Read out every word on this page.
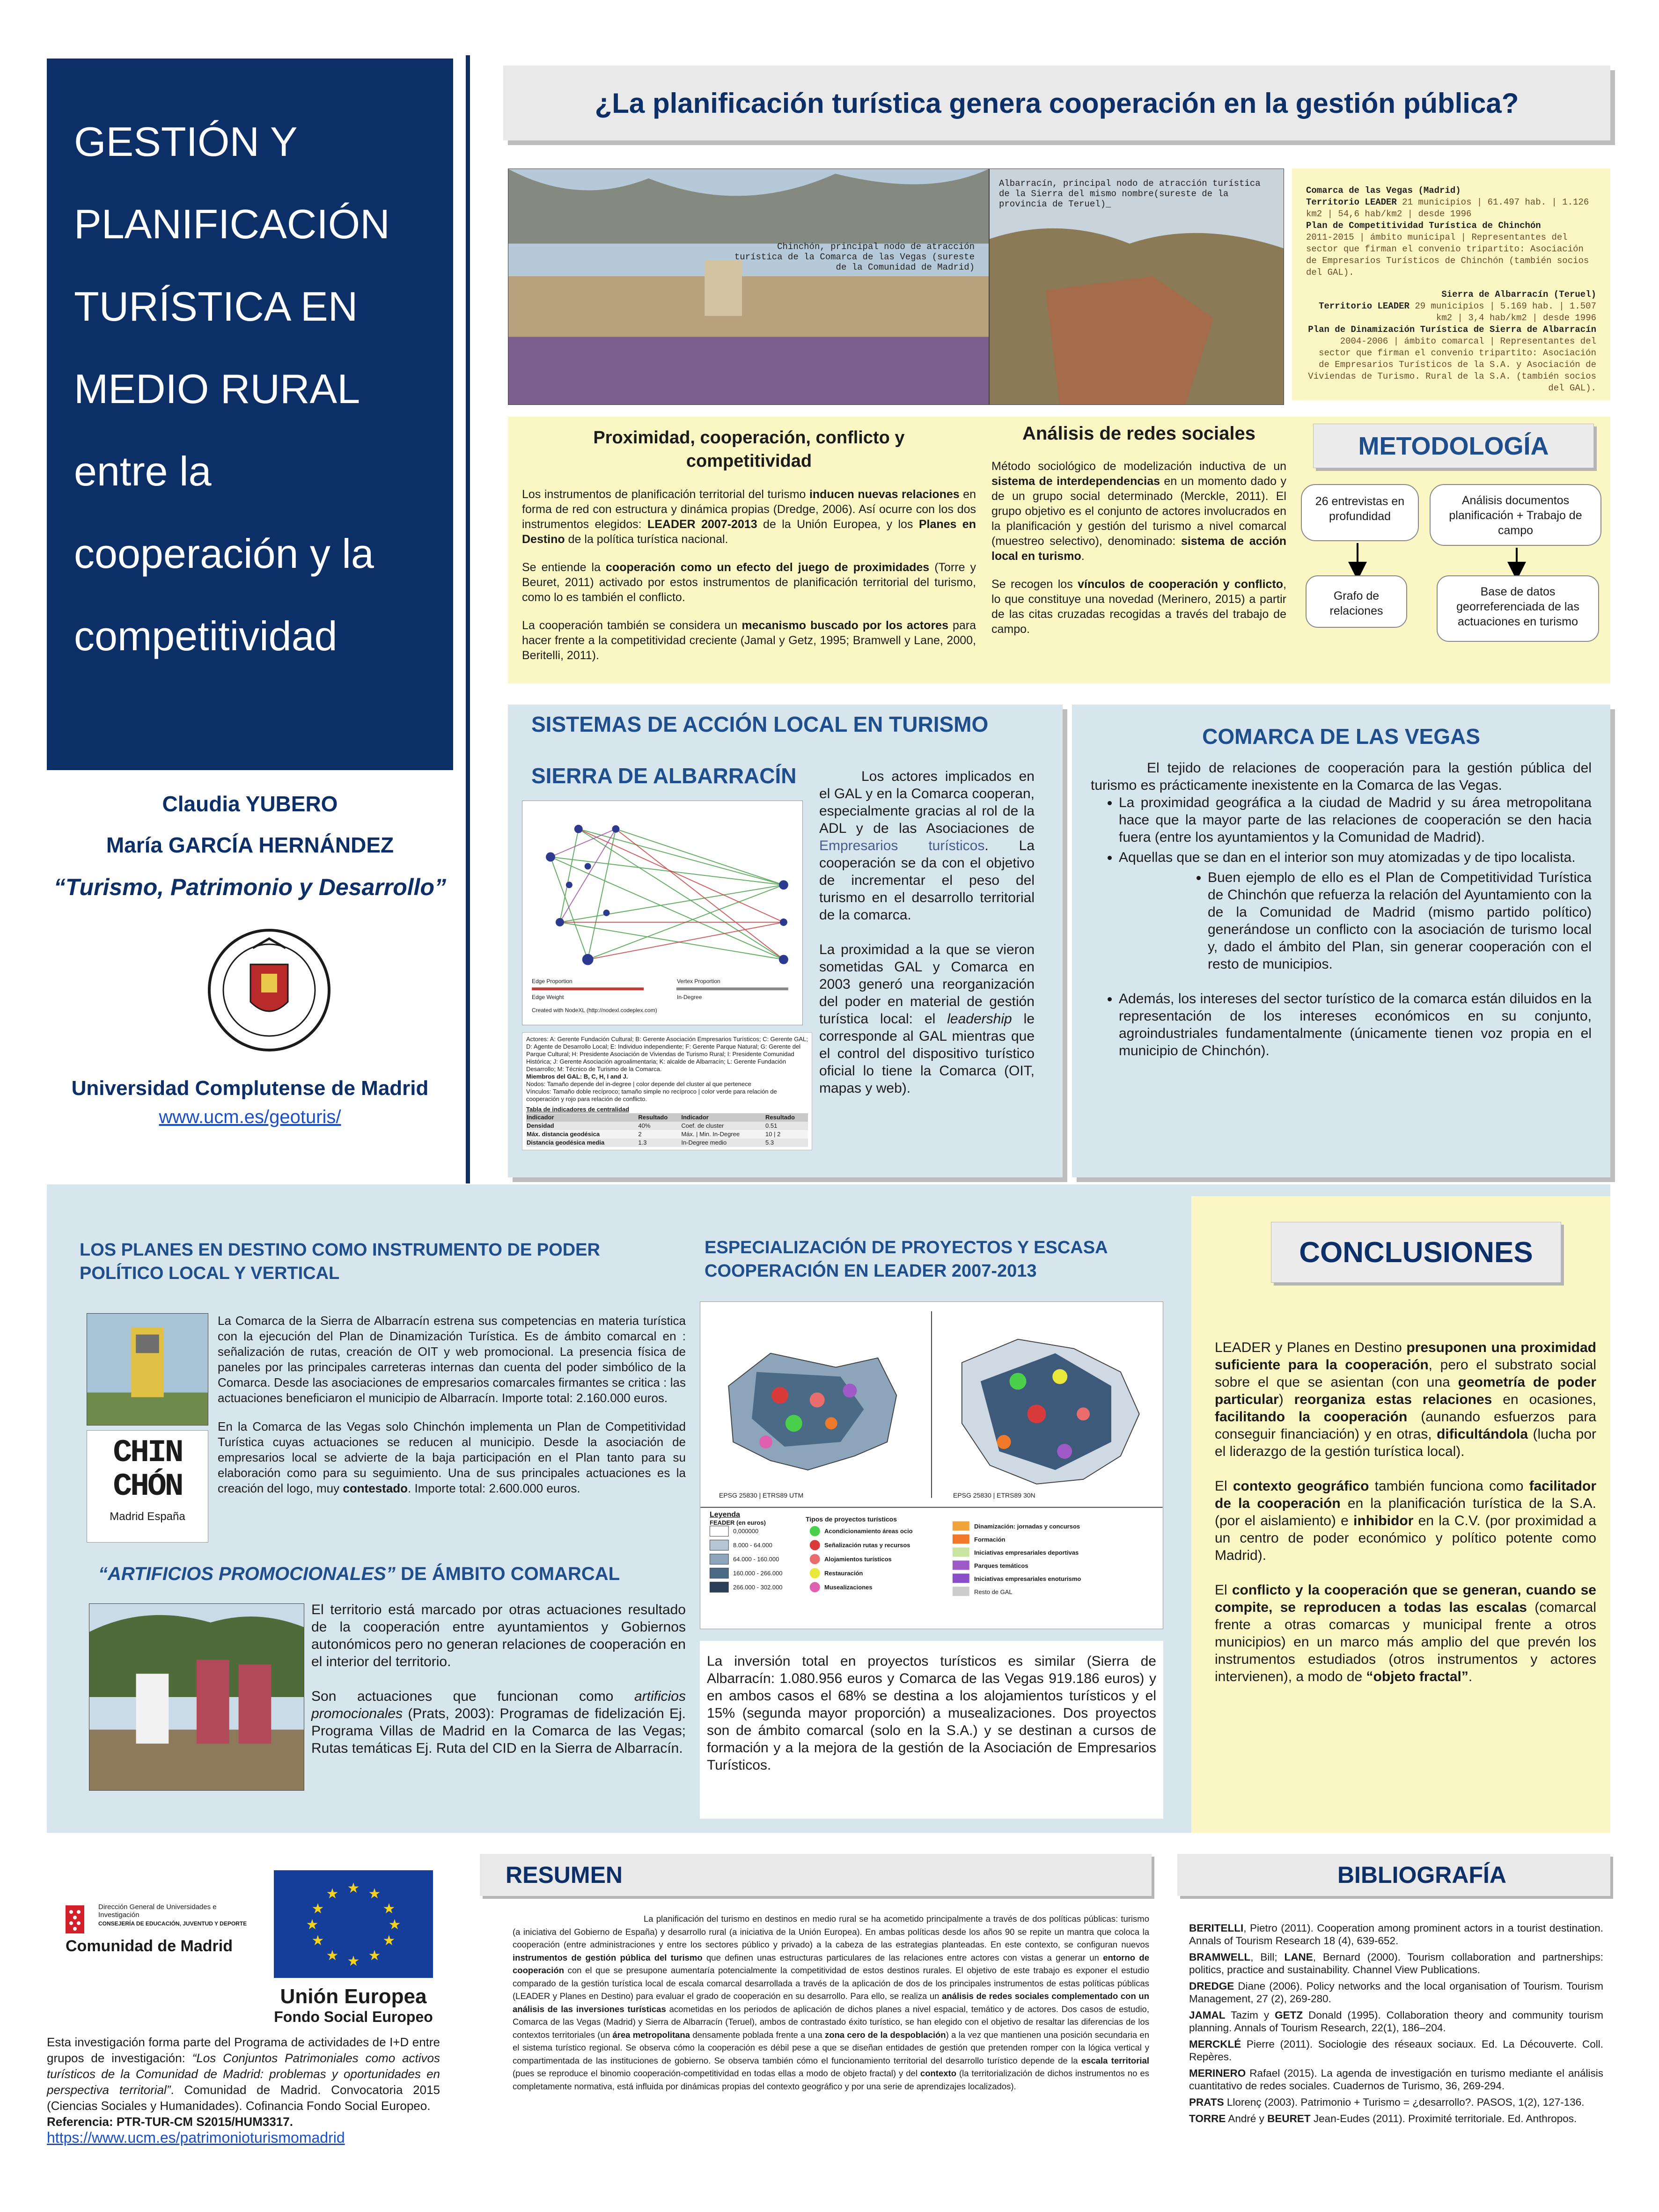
GESTIÓN Y
PLANIFICACIÓN
TURÍSTICA EN
MEDIO RURAL
entre la
cooperación y la
competitividad
Claudia YUBERO
María GARCÍA HERNÁNDEZ
“Turismo, Patrimonio y Desarrollo”
Universidad Complutense de Madrid
www.ucm.es/geoturis/
¿La planificación turística genera cooperación en la gestión pública?
Chinchón, principal nodo de atracción turística de la Comarca de las Vegas (sureste de la Comunidad de Madrid)
Albarracín, principal nodo de atracción turística de la Sierra del mismo nombre(sureste de la provincia de Teruel)_
Comarca de las Vegas (Madrid)
Territorio LEADER 21 municipios | 61.497 hab. | 1.126 km2 | 54,6 hab/km2 | desde 1996
Plan de Competitividad Turística de Chinchón
2011-2015 | ámbito municipal | Representantes del sector que firman el convenio tripartito: Asociación de Empresarios Turísticos de Chinchón (también socios del GAL).
Sierra de Albarracín (Teruel)
Territorio LEADER 29 municipios | 5.169 hab. | 1.507 km2 | 3,4 hab/km2 | desde 1996
Plan de Dinamización Turística de Sierra de Albarracín 2004-2006 | ámbito comarcal | Representantes del sector que firman el convenio tripartito: Asociación de Empresarios Turísticos de la S.A. y Asociación de Viviendas de Turismo. Rural de la S.A. (también socios del GAL).
Proximidad, cooperación, conflicto y competitividad

Los instrumentos de planificación territorial del turismo inducen nuevas relaciones en forma de red con estructura y dinámica propias (Dredge, 2006). Así ocurre con los dos instrumentos elegidos: LEADER 2007-2013 de la Unión Europea, y los Planes en Destino de la política turística nacional.

Se entiende la cooperación como un efecto del juego de proximidades (Torre y Beuret, 2011) activado por estos instrumentos de planificación territorial del turismo, como lo es también el conflicto.

La cooperación también se considera un mecanismo buscado por los actores para hacer frente a la competitividad creciente (Jamal y Getz, 1995; Bramwell y Lane, 2000, Beritelli, 2011).

Análisis de redes sociales

Método sociológico de modelización inductiva de un sistema de interdependencias en un momento dado y de un grupo social determinado (Merckle, 2011). El grupo objetivo es el conjunto de actores involucrados en la planificación y gestión del turismo a nivel comarcal (muestreo selectivo), denominado: sistema de acción local en turismo.

Se recogen los vínculos de cooperación y conflicto, lo que constituye una novedad (Merinero, 2015) a partir de las citas cruzadas recogidas a través del trabajo de campo.

METODOLOGÍA
26 entrevistas en profundidad
Análisis documentos planificación + Trabajo de campo
Grafo de relaciones
Base de datos georreferenciada de las actuaciones en turismo
SISTEMAS DE ACCIÓN LOCAL EN TURISMO
SIERRA DE ALBARRACÍN
Edge Proportion	Vertex Proportion
Edge Weight	In-Degree
Created with NodeXL (http://nodexl.codeplex.com)
Actores: A: Gerente Fundación Cultural; B: Gerente Asociación Empresarios Turísticos; C: Gerente GAL; D: Agente de Desarrollo Local; E: Individuo independiente; F: Gerente Parque Natural; G: Gerente del Parque Cultural; H: Presidente Asociación de Viviendas de Turismo Rural; I: Presidente Comunidad Histórica; J: Gerente Asociación agroalimentaria; K: alcalde de Albarracín; L: Gerente Fundación Desarrollo; M: Técnico de Turismo de la Comarca.
Miembros del GAL: B, C, H, I and J.
Nodos: Tamaño depende del in-degree | color depende del cluster al que pertenece
Vínculos: Tamaño doble recíproco; tamaño simple no recíproco | color verde para relación de cooperación y rojo para relación de conflicto.
Tabla de indicadores de centralidad
Indicador	Resultado	Indicador	Resultado
Densidad	40%	Coef. de cluster	0.51
Máx. distancia geodésica	2	Máx. | Min. In-Degree	10 | 2
Distancia geodésica media	1.3	In-Degree medio	5.3

Los actores implicados en el GAL y en la Comarca cooperan, especialmente gracias al rol de la ADL y de las Asociaciones de Empresarios turísticos. La cooperación se da con el objetivo de incrementar el peso del turismo en el desarrollo territorial de la comarca.

La proximidad a la que se vieron sometidas GAL y Comarca en 2003 generó una reorganización del poder en material de gestión turística local: el leadership le corresponde al GAL mientras que el control del dispositivo turístico oficial lo tiene la Comarca (OIT, mapas y web).

COMARCA DE LAS VEGAS

El tejido de relaciones de cooperación para la gestión pública del turismo es prácticamente inexistente en la Comarca de las Vegas.

• La proximidad geográfica a la ciudad de Madrid y su área metropolitana hace que la mayor parte de las relaciones de cooperación se den hacia fuera (entre los ayuntamientos y la Comunidad de Madrid).
• Aquellas que se dan en el interior son muy atomizadas y de tipo localista.
• Buen ejemplo de ello es el Plan de Competitividad Turística de Chinchón que refuerza la relación del Ayuntamiento con la de la Comunidad de Madrid (mismo partido político) generándose un conflicto con la asociación de turismo local y, dado el ámbito del Plan, sin generar cooperación con el resto de municipios.
• Además, los intereses del sector turístico de la comarca están diluidos en la representación de los intereses económicos en su conjunto, agroindustriales fundamentalmente (únicamente tienen voz propia en el municipio de Chinchón).
LOS PLANES EN DESTINO COMO INSTRUMENTO DE PODER POLÍTICO LOCAL Y VERTICAL
CHIN
CHÓN
Madrid España

La Comarca de la Sierra de Albarracín estrena sus competencias en materia turística con la ejecución del Plan de Dinamización Turística. Es de ámbito comarcal en : señalización de rutas, creación de OIT y web promocional. La presencia física de paneles por las principales carreteras internas dan cuenta del poder simbólico de la Comarca. Desde las asociaciones de empresarios comarcales firmantes se critica : las actuaciones beneficiaron el municipio de Albarracín. Importe total: 2.160.000 euros.

En la Comarca de las Vegas solo Chinchón implementa un Plan de Competitividad Turística cuyas actuaciones se reducen al municipio. Desde la asociación de empresarios local se advierte de la baja participación en el Plan tanto para su elaboración como para su seguimiento. Una de sus principales actuaciones es la creación del logo, muy contestado. Importe total: 2.600.000 euros.

“ARTIFICIOS PROMOCIONALES” DE ÁMBITO COMARCAL

El territorio está marcado por otras actuaciones resultado de la cooperación entre ayuntamientos y Gobiernos autonómicos pero no generan relaciones de cooperación en el interior del territorio.

Son actuaciones que funcionan como artificios promocionales (Prats, 2003): Programas de fidelización Ej. Programa Villas de Madrid en la Comarca de las Vegas; Rutas temáticas Ej. Ruta del CID en la Sierra de Albarracín.

ESPECIALIZACIÓN DE PROYECTOS Y ESCASA COOPERACIÓN EN LEADER 2007-2013
EPSG 25830 | ETRS89 UTM	EPSG 25830 | ETRS89 30N
Leyenda
FEADER (en euros)
0,000000
8.000 - 64.000
64.000 - 160.000
160.000 - 266.000
266.000 - 302.000
Tipos de proyectos turísticos
Acondicionamiento áreas ocio
Señalización rutas y recursos
Alojamientos turísticos
Restauración
Musealizaciones
Dinamización: jornadas y concursos
Formación
Iniciativas empresariales deportivas
Parques temáticos
Iniciativas empresariales enoturismo
Resto de GAL
La inversión total en proyectos turísticos es similar (Sierra de Albarracín: 1.080.956 euros y Comarca de las Vegas 919.186 euros) y en ambos casos el 68% se destina a los alojamientos turísticos y el 15% (segunda mayor proporción) a musealizaciones. Dos proyectos son de ámbito comarcal (solo en la S.A.) y se destinan a cursos de formación y a la mejora de la gestión de la Asociación de Empresarios Turísticos.
CONCLUSIONES

LEADER y Planes en Destino presuponen una proximidad suficiente para la cooperación, pero el substrato social sobre el que se asientan (con una geometría de poder particular) reorganiza estas relaciones en ocasiones, facilitando la cooperación (aunando esfuerzos para conseguir financiación) y en otras, dificultándola (lucha por el liderazgo de la gestión turística local).

El contexto geográfico también funciona como facilitador de la cooperación en la planificación turística de la S.A. (por el aislamiento) e inhibidor en la C.V. (por proximidad a un centro de poder económico y político potente como Madrid).

El conflicto y la cooperación que se generan, cuando se compite, se reproducen a todas las escalas (comarcal frente a otras comarcas y municipal frente a otros municipios) en un marco más amplio del que prevén los instrumentos estudiados (otros instrumentos y actores intervienen), a modo de “objeto fractal”.

Dirección General de Universidades e Investigación
CONSEJERÍA DE EDUCACIÓN, JUVENTUD Y DEPORTE
Comunidad de Madrid
★ ★
★
★
★
★
★
★
★
★
★
★
Unión Europea
Fondo Social Europeo
Esta investigación forma parte del Programa de actividades de I+D entre grupos de investigación: “Los Conjuntos Patrimoniales como activos turísticos de la Comunidad de Madrid: problemas y oportunidades en perspectiva territorial”. Comunidad de Madrid. Convocatoria 2015 (Ciencias Sociales y Humanidades). Cofinancia Fondo Social Europeo.
Referencia: PTR-TUR-CM S2015/HUM3317.
https://www.ucm.es/patrimonioturismomadrid
RESUMEN
La planificación del turismo en destinos en medio rural se ha acometido principalmente a través de dos políticas públicas: turismo (a iniciativa del Gobierno de España) y desarrollo rural (a iniciativa de la Unión Europea). En ambas políticas desde los años 90 se repite un mantra que coloca la cooperación (entre administraciones y entre los sectores público y privado) a la cabeza de las estrategias planteadas. En este contexto, se configuran nuevos instrumentos de gestión pública del turismo que definen unas estructuras particulares de las relaciones entre actores con vistas a generar un entorno de cooperación con el que se presupone aumentaría potencialmente la competitividad de estos destinos rurales. El objetivo de este trabajo es exponer el estudio comparado de la gestión turística local de escala comarcal desarrollada a través de la aplicación de dos de los principales instrumentos de estas políticas públicas (LEADER y Planes en Destino) para evaluar el grado de cooperación en su desarrollo. Para ello, se realiza un análisis de redes sociales complementado con un análisis de las inversiones turísticas acometidas en los periodos de aplicación de dichos planes a nivel espacial, temático y de actores. Dos casos de estudio, Comarca de las Vegas (Madrid) y Sierra de Albarracín (Teruel), ambos de contrastado éxito turístico, se han elegido con el objetivo de resaltar las diferencias de los contextos territoriales (un área metropolitana densamente poblada frente a una zona cero de la despoblación) a la vez que mantienen una posición secundaria en el sistema turístico regional. Se observa cómo la cooperación es débil pese a que se diseñan entidades de gestión que pretenden romper con la lógica vertical y compartimentada de las instituciones de gobierno. Se observa también cómo el funcionamiento territorial del desarrollo turístico depende de la escala territorial (pues se reproduce el binomio cooperación-competitividad en todas ellas a modo de objeto fractal) y del contexto (la territorialización de dichos instrumentos no es completamente normativa, está influida por dinámicas propias del contexto geográfico y por una serie de aprendizajes localizados).
BIBLIOGRAFÍA
BERITELLI, Pietro (2011). Cooperation among prominent actors in a tourist destination. Annals of Tourism Research 18 (4), 639-652.
BRAMWELL, Bill; LANE, Bernard (2000). Tourism collaboration and partnerships: politics, practice and sustainability. Channel View Publications.
DREDGE Diane (2006). Policy networks and the local organisation of Tourism. Tourism Management, 27 (2), 269-280.
JAMAL Tazim y GETZ Donald (1995). Collaboration theory and community tourism planning. Annals of Tourism Research, 22(1), 186–204.
MERCKLÉ Pierre (2011). Sociologie des réseaux sociaux. Ed. La Découverte. Coll. Repères.
MERINERO Rafael (2015). La agenda de investigación en turismo mediante el análisis cuantitativo de redes sociales. Cuadernos de Turismo, 36, 269-294.
PRATS Llorenç (2003). Patrimonio + Turismo = ¿desarrollo?. PASOS, 1(2), 127-136.
TORRE André y BEURET Jean-Eudes (2011). Proximité territoriale. Ed. Anthropos.
